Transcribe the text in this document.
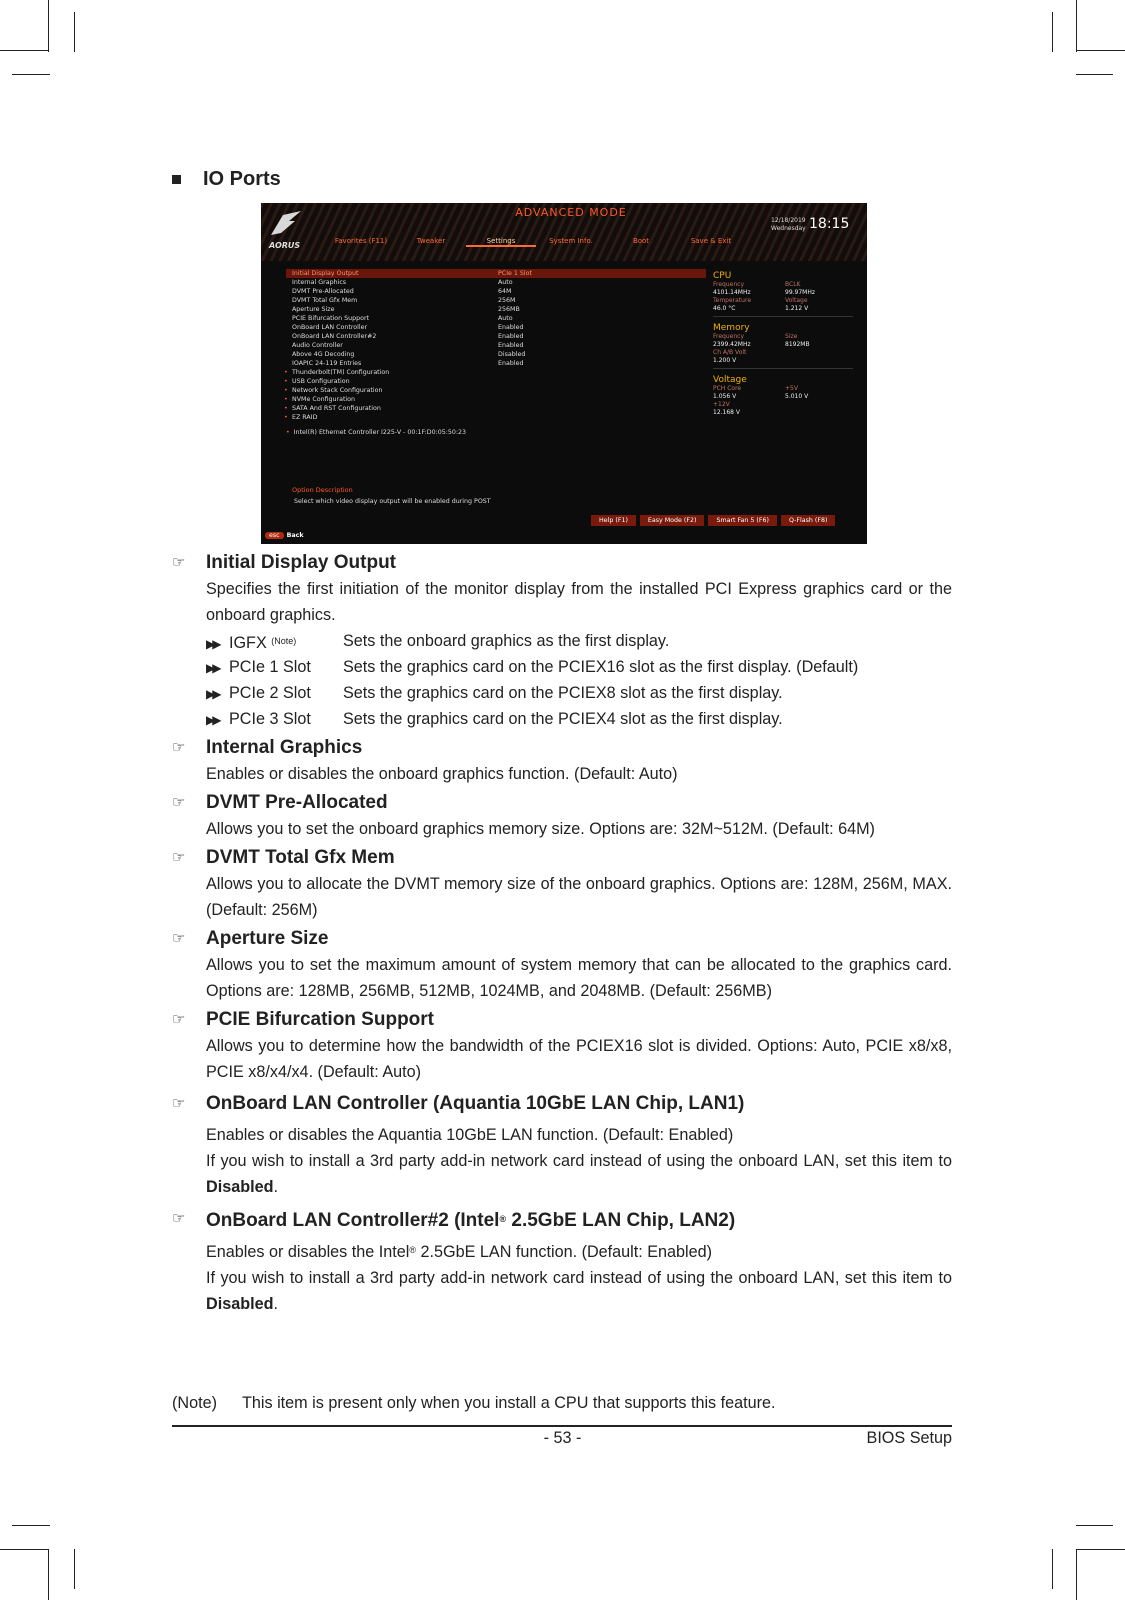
IO Ports
AORUS
ADVANCED MODE
Favorites (F11)	Tweaker	Settings	System Info.	Boot	Save & Exit
12/18/2019
Wednesday 18:15
Initial Display Output	PCIe 1 Slot
Internal Graphics	Auto
DVMT Pre-Allocated	64M
DVMT Total Gfx Mem	256M
Aperture Size	256MB
PCIE Bifurcation Support	Auto
OnBoard LAN Controller	Enabled
OnBoard LAN Controller#2	Enabled
Audio Controller	Enabled
Above 4G Decoding	Disabled
IOAPIC 24-119 Entries	Enabled
• Thunderbolt(TM) Configuration
• USB Configuration
• Network Stack Configuration
• NVMe Configuration
• SATA And RST Configuration
• EZ RAID
• Intel(R) Ethernet Controller I225-V - 00:1F:D0:05:50:23
CPU
Frequency	BCLK
4101.14MHz	99.97MHz
Temperature	Voltage
46.0 °C	1.212 V
Memory
Frequency	Size
2399.42MHz	8192MB
Ch A/B Volt
1.200 V
Voltage
PCH Core	+5V
1.056 V	5.010 V
+12V
12.168 V
Option Description
Select which video display output will be enabled during POST
Help (F1)	Easy Mode (F2)	Smart Fan 5 (F6)	Q-Flash (F8)
esc Back
☞ Initial Display Output
Specifies the first initiation of the monitor display from the installed PCI Express graphics card or the onboard graphics.
▶▶ IGFX $^{(Note)}$	Sets the onboard graphics as the first display.
▶▶ PCIe 1 Slot	Sets the graphics card on the PCIEX16 slot as the first display. (Default)
▶▶ PCIe 2 Slot	Sets the graphics card on the PCIEX8 slot as the first display.
▶▶ PCIe 3 Slot	Sets the graphics card on the PCIEX4 slot as the first display.
☞ Internal Graphics
Enables or disables the onboard graphics function. (Default: Auto)
☞ DVMT Pre-Allocated
Allows you to set the onboard graphics memory size. Options are: 32M~512M. (Default: 64M)
☞ DVMT Total Gfx Mem
Allows you to allocate the DVMT memory size of the onboard graphics. Options are: 128M, 256M, MAX. (Default: 256M)
☞ Aperture Size
Allows you to set the maximum amount of system memory that can be allocated to the graphics card. Options are: 128MB, 256MB, 512MB, 1024MB, and 2048MB. (Default: 256MB)
☞ PCIE Bifurcation Support
Allows you to determine how the bandwidth of the PCIEX16 slot is divided. Options: Auto, PCIE x8/x8, PCIE x8/x4/x4. (Default: Auto)
☞ OnBoard LAN Controller (Aquantia 10GbE LAN Chip, LAN1)
Enables or disables the Aquantia 10GbE LAN function. (Default: Enabled)
If you wish to install a 3rd party add-in network card instead of using the onboard LAN, set this item to Disabled.
☞ OnBoard LAN Controller#2 (Intel® 2.5GbE LAN Chip, LAN2)
Enables or disables the Intel® 2.5GbE LAN function. (Default: Enabled)
If you wish to install a 3rd party add-in network card instead of using the onboard LAN, set this item to Disabled.
(Note) This item is present only when you install a CPU that supports this feature.
- 53 -	BIOS Setup
